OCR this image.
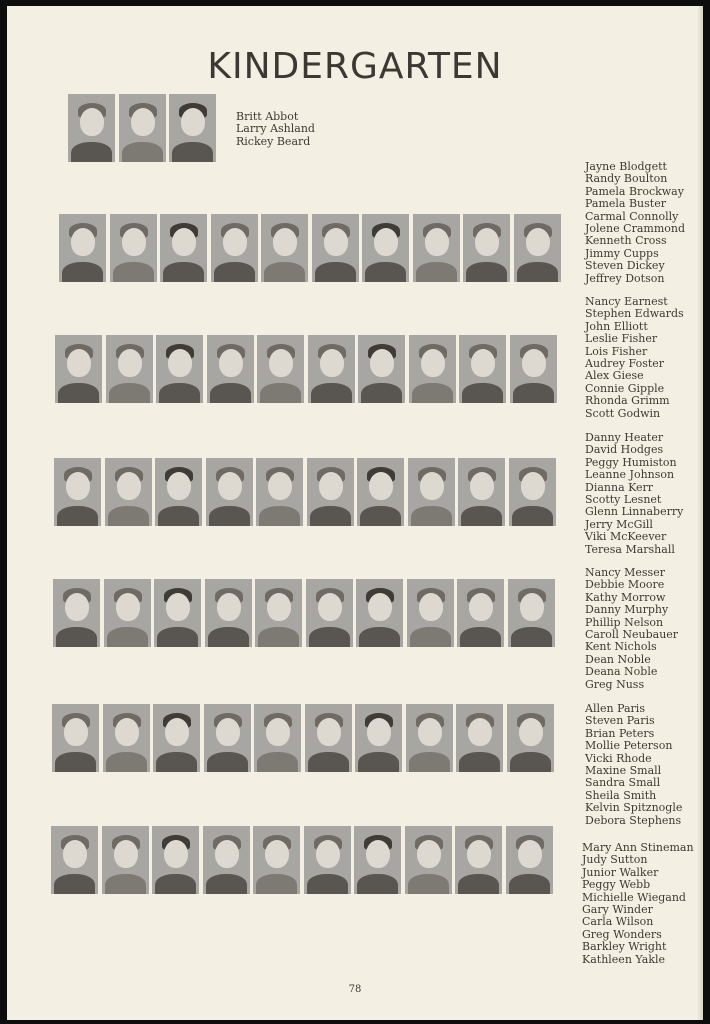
KINDERGARTEN
Britt Abbot
Larry Ashland
Rickey Beard
Jayne Blodgett
Randy Boulton
Pamela Brockway
Pamela Buster
Carmal Connolly
Jolene Crammond
Kenneth Cross
Jimmy Cupps
Steven Dickey
Jeffrey Dotson
Nancy Earnest
Stephen Edwards
John Elliott
Leslie Fisher
Lois Fisher
Audrey Foster
Alex Giese
Connie Gipple
Rhonda Grimm
Scott Godwin
Danny Heater
David Hodges
Peggy Humiston
Leanne Johnson
Dianna Kerr
Scotty Lesnet
Glenn Linnaberry
Jerry McGill
Viki McKeever
Teresa Marshall
Nancy Messer
Debbie Moore
Kathy Morrow
Danny Murphy
Phillip Nelson
Caroll Neubauer
Kent Nichols
Dean Noble
Deana Noble
Greg Nuss
Allen Paris
Steven Paris
Brian Peters
Mollie Peterson
Vicki Rhode
Maxine Small
Sandra Small
Sheila Smith
Kelvin Spitznogle
Debora Stephens
Mary Ann Stineman
Judy Sutton
Junior Walker
Peggy Webb
Michielle Wiegand
Gary Winder
Carla Wilson
Greg Wonders
Barkley Wright
Kathleen Yakle
78
